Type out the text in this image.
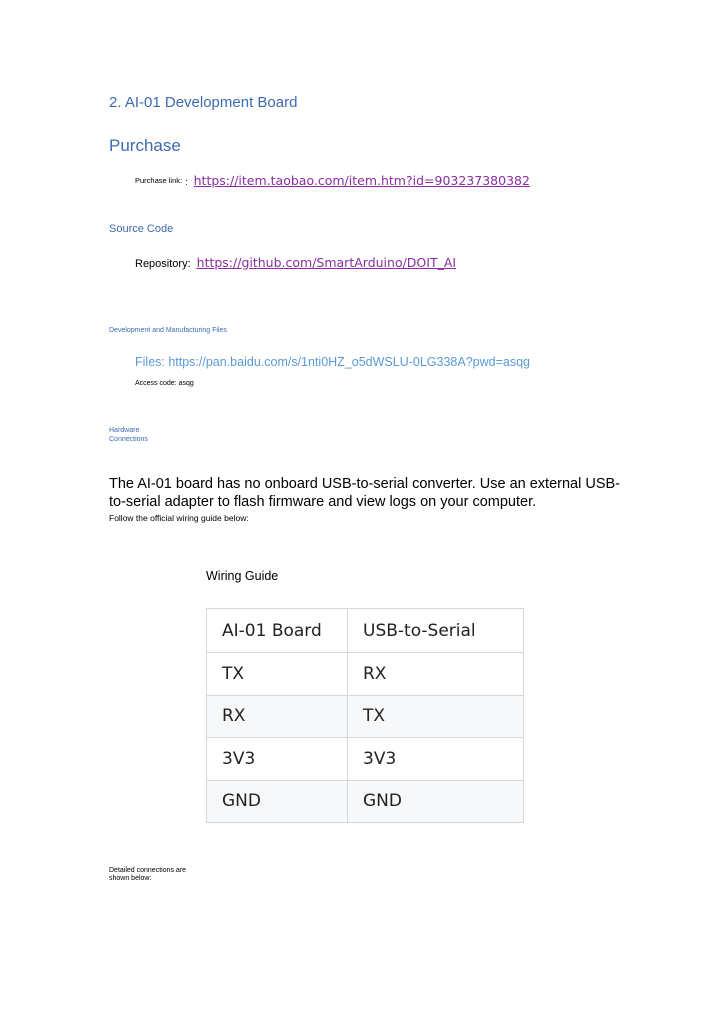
2. AI-01 Development Board
Purchase
Purchase link: : https://item.taobao.com/item.htm?id=903237380382
Source Code
Repository: https://github.com/SmartArduino/DOIT_AI
Development and Manufacturing Files
Files: https://pan.baidu.com/s/1nti0HZ_o5dWSLU-0LG338A?pwd=asqg
Access code: asqg
Hardware Connections
The AI-01 board has no onboard USB-to-serial converter. Use an external USB-to-serial adapter to flash firmware and view logs on your computer.
Follow the official wiring guide below:
Wiring Guide
AI-01 Board	USB-to-Serial
TX	RX
RX	TX
3V3	3V3
GND	GND
Detailed connections are shown below:
